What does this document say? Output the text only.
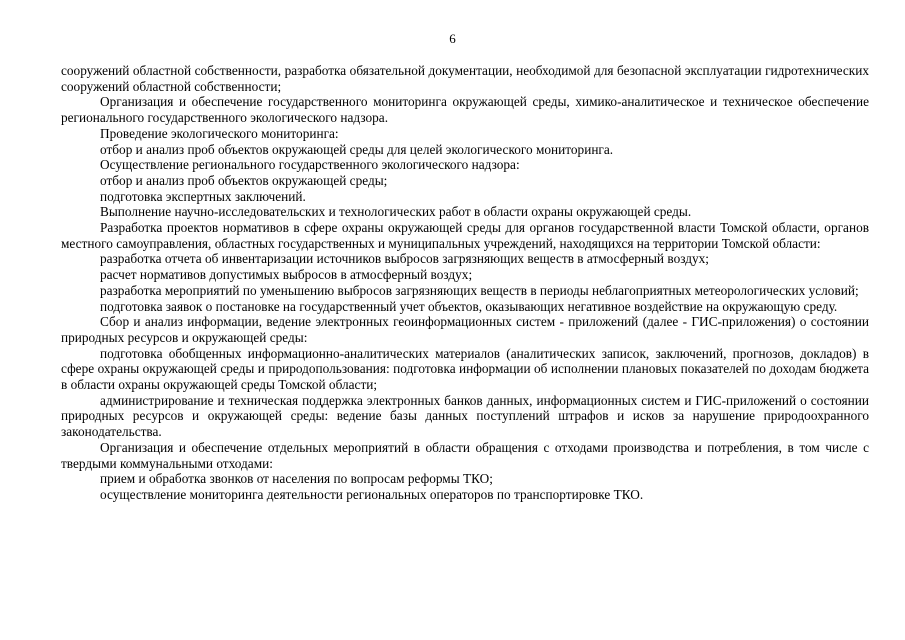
6

сооружений областной собственности, разработка обязательной документации, необходимой для безопасной эксплуатации гидротехнических сооружений областной собственности;

Организация и обеспечение государственного мониторинга окружающей среды, химико-аналитическое и техническое обеспечение регионального государственного экологического надзора.

Проведение экологического мониторинга:

отбор и анализ проб объектов окружающей среды для целей экологического мониторинга.

Осуществление регионального государственного экологического надзора:

отбор и анализ проб объектов окружающей среды;

подготовка экспертных заключений.

Выполнение научно-исследовательских и технологических работ в области охраны окружающей среды.

Разработка проектов нормативов в сфере охраны окружающей среды для органов государственной власти Томской области, органов местного самоуправления, областных государственных и муниципальных учреждений, находящихся на территории Томской области:

разработка отчета об инвентаризации источников выбросов загрязняющих веществ в атмосферный воздух;

расчет нормативов допустимых выбросов в атмосферный воздух;

разработка мероприятий по уменьшению выбросов загрязняющих веществ в периоды неблагоприятных метеорологических условий;

подготовка заявок о постановке на государственный учет объектов, оказывающих негативное воздействие на окружающую среду.

Сбор и анализ информации, ведение электронных геоинформационных систем - приложений (далее - ГИС-приложения) о состоянии природных ресурсов и окружающей среды:

подготовка обобщенных информационно-аналитических материалов (аналитических записок, заключений, прогнозов, докладов) в сфере охраны окружающей среды и природопользования: подготовка информации об исполнении плановых показателей по доходам бюджета в области охраны окружающей среды Томской области;

администрирование и техническая поддержка электронных банков данных, информационных систем и ГИС-приложений о состоянии природных ресурсов и окружающей среды: ведение базы данных поступлений штрафов и исков за нарушение природоохранного законодательства.

Организация и обеспечение отдельных мероприятий в области обращения с отходами производства и потребления, в том числе с твердыми коммунальными отходами:

прием и обработка звонков от населения по вопросам реформы ТКО;

осуществление мониторинга деятельности региональных операторов по транспортировке ТКО.
